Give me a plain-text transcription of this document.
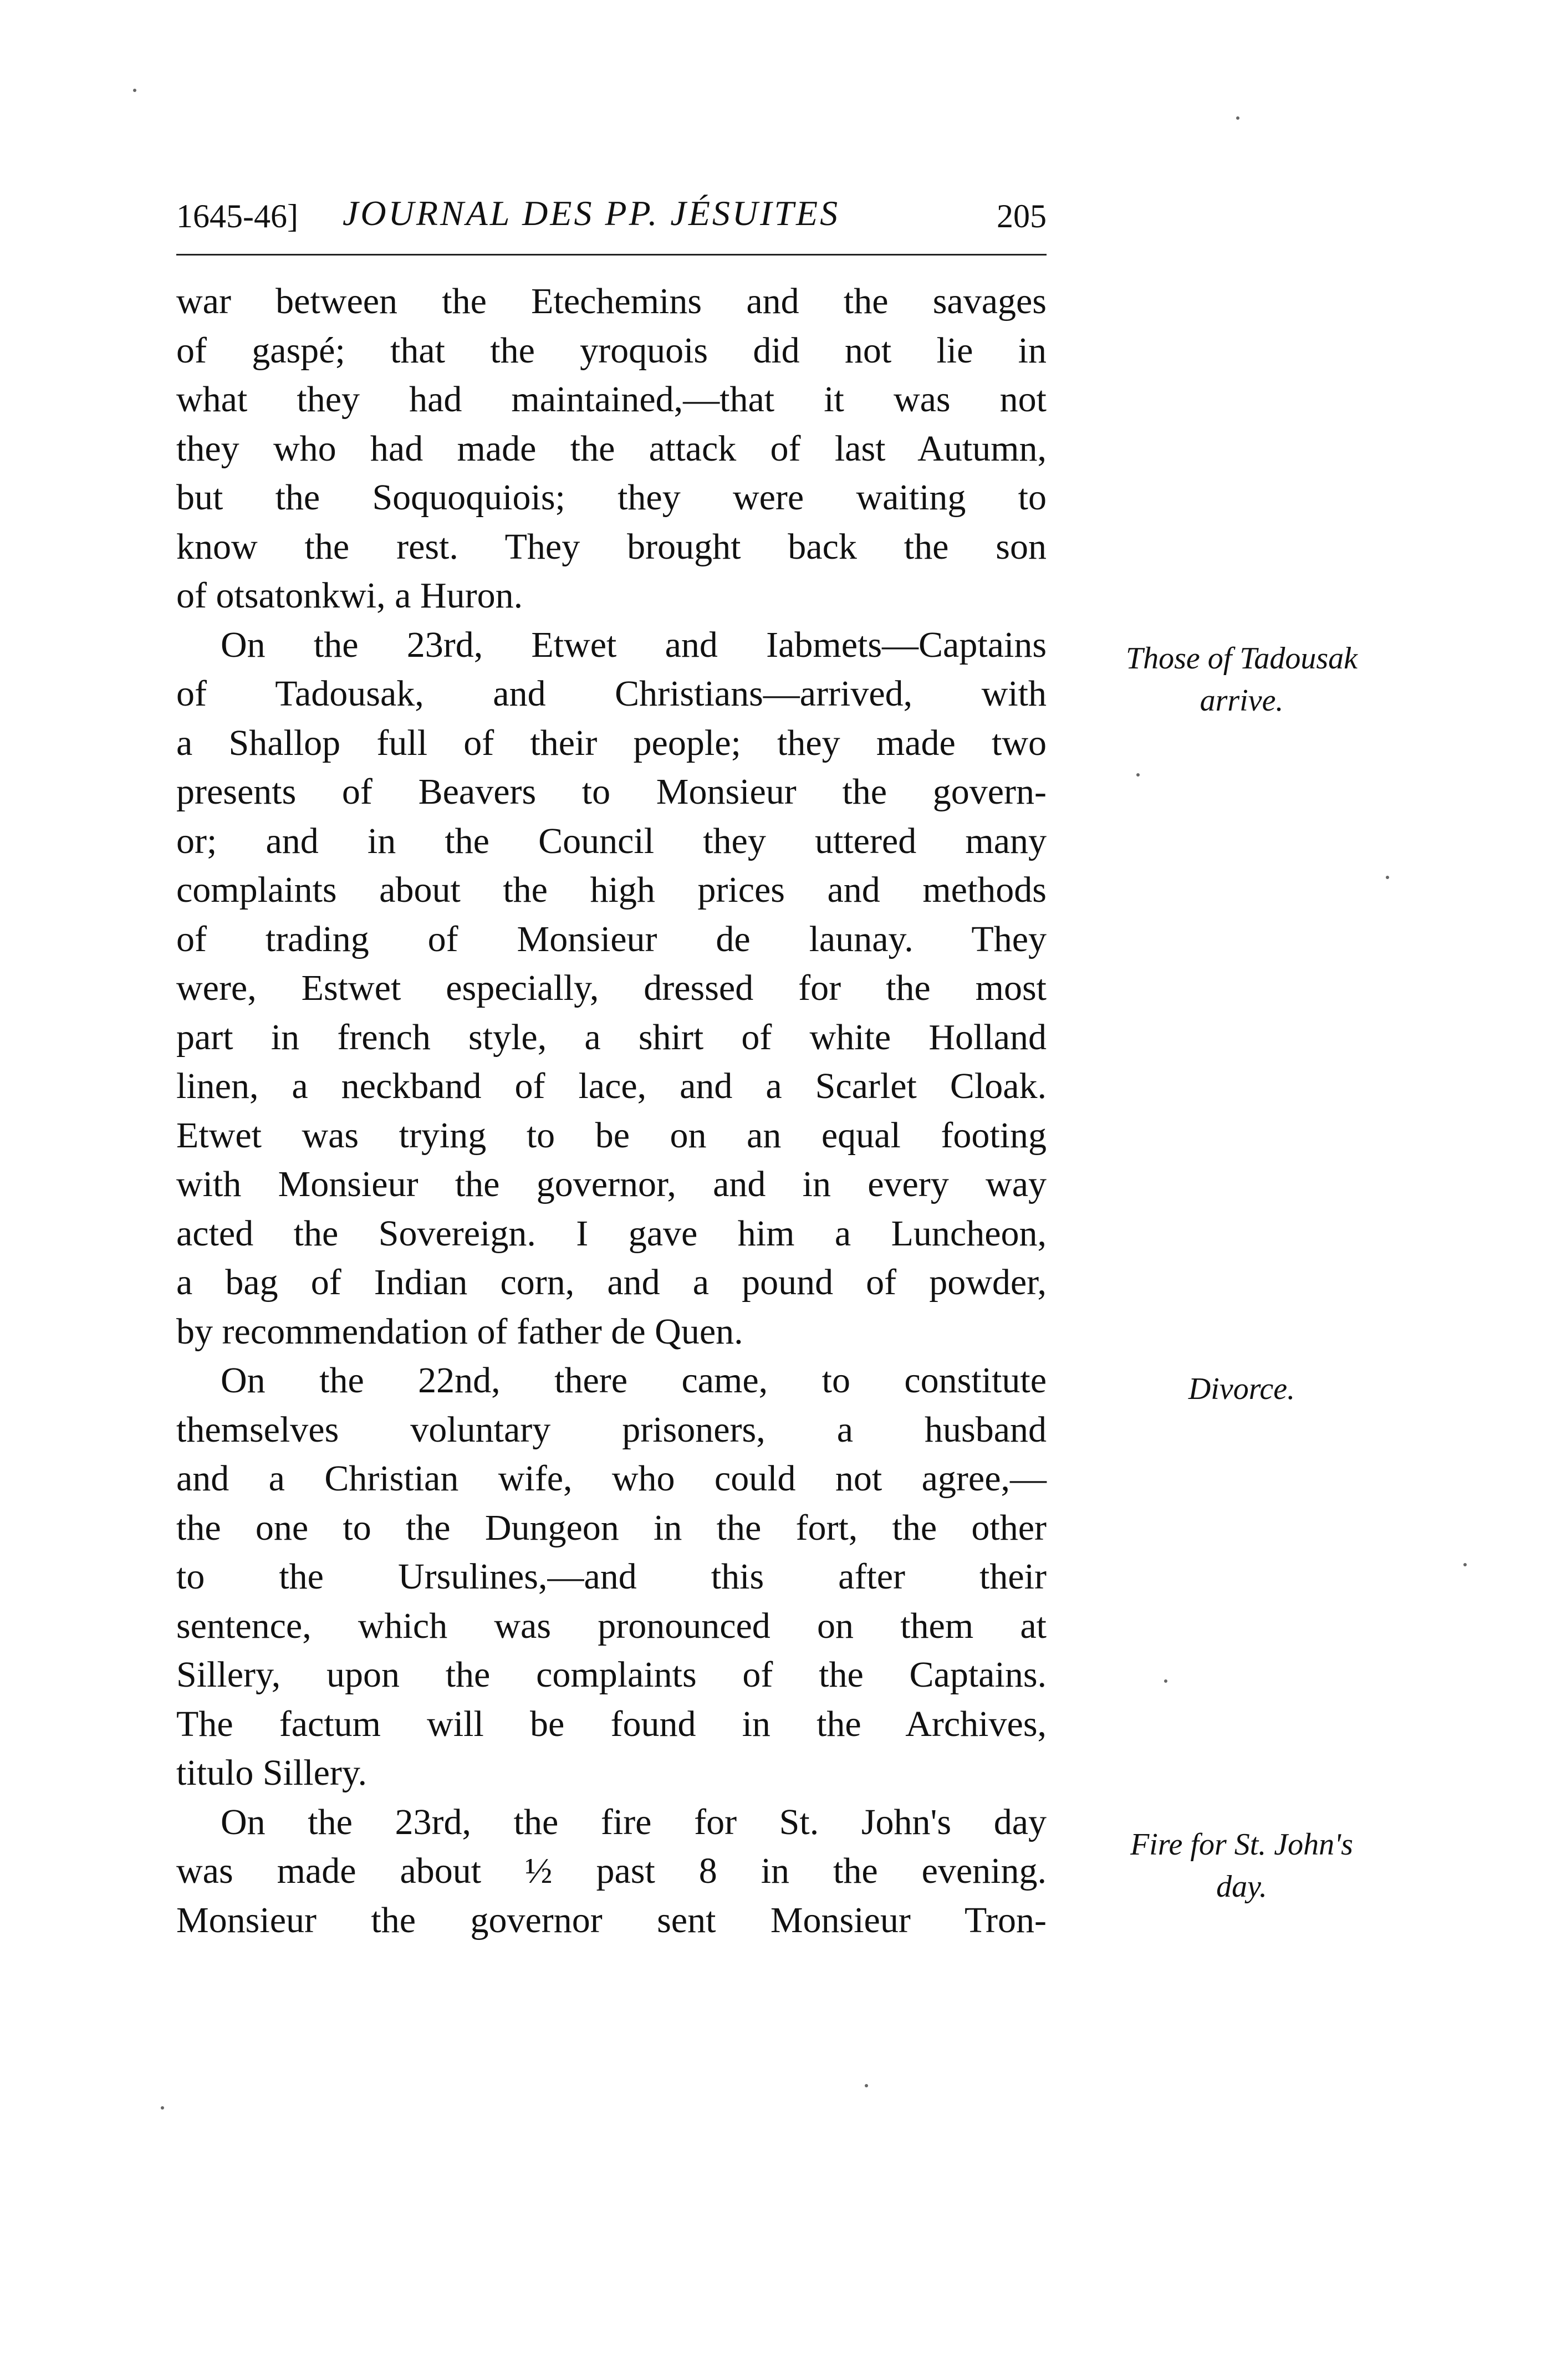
1645-46] JOURNAL DES PP. JÉSUITES	205
war between the Etechemins and the savages
of gaspé; that the yroquois did not lie in
what they had maintained,—that it was not
they who had made the attack of last Autumn,
but the Soquoquiois; they were waiting to
know the rest. They brought back the son
of otsatonkwi, a Huron.
On the 23rd, Etwet and Iabmets—Captains
of Tadousak, and Christians—arrived, with
a Shallop full of their people; they made two
presents of Beavers to Monsieur the govern-
or; and in the Council they uttered many
complaints about the high prices and methods
of trading of Monsieur de launay. They
were, Estwet especially, dressed for the most
part in french style, a shirt of white Holland
linen, a neckband of lace, and a Scarlet Cloak.
Etwet was trying to be on an equal footing
with Monsieur the governor, and in every way
acted the Sovereign. I gave him a Luncheon,
a bag of Indian corn, and a pound of powder,
by recommendation of father de Quen.
On the 22nd, there came, to constitute
themselves voluntary prisoners, a husband
and a Christian wife, who could not agree,—
the one to the Dungeon in the fort, the other
to the Ursulines,—and this after their
sentence, which was pronounced on them at
Sillery, upon the complaints of the Captains.
The factum will be found in the Archives,
titulo Sillery.
On the 23rd, the fire for St. John's day
was made about ½ past 8 in the evening.
Monsieur the governor sent Monsieur Tron-
Those of Tadousak
arrive.
Divorce.
Fire for St. John's
day.
